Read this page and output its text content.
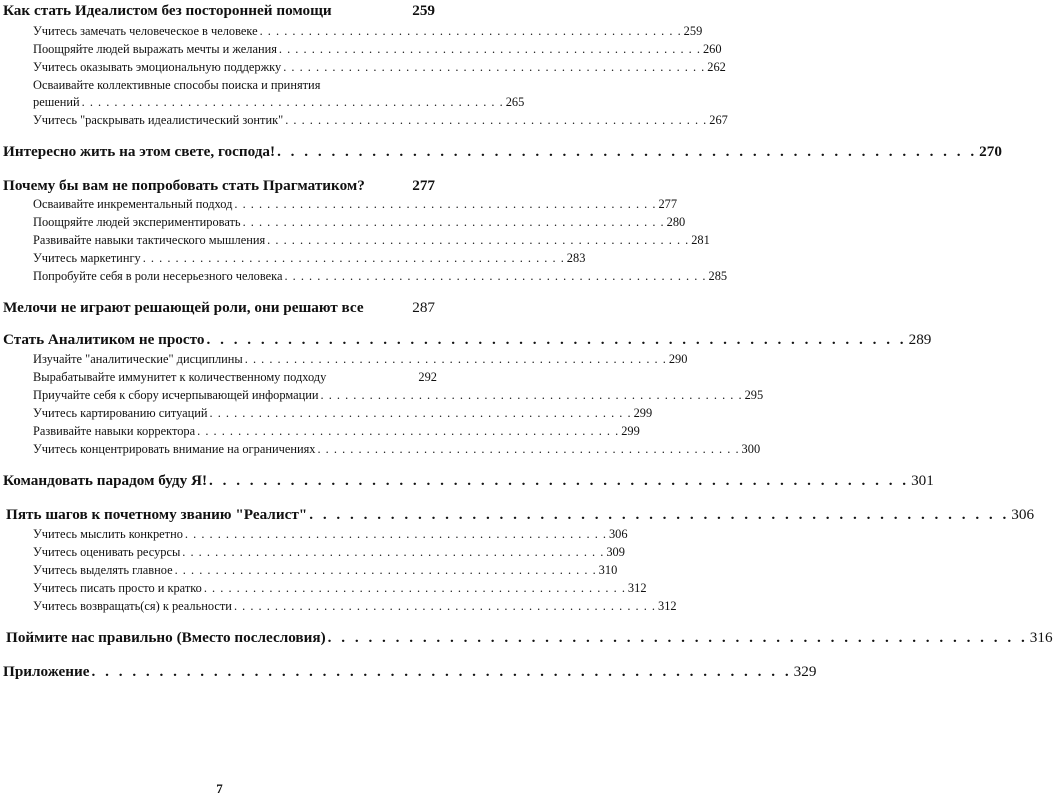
Как стать Идеалистом без посторонней помощи	259
Учитесь замечать человеческое в человеке . . . . . . . . . . . . . . . . . . . . . . . . . . . . . . . . . . . . . . . . . . . . . . . . . . . . 259
Поощряйте людей выражать мечты и желания . . . . . . . . . . . . . . . . . . . . . . . . . . . . . . . . . . . . . . . . . . . . . . . . . . . . 260
Учитесь оказывать эмоциональную поддержку . . . . . . . . . . . . . . . . . . . . . . . . . . . . . . . . . . . . . . . . . . . . . . . . . . . . 262
Осваивайте коллективные способы поиска и принятия
решений . . . . . . . . . . . . . . . . . . . . . . . . . . . . . . . . . . . . . . . . . . . . . . . . . . . . 265
Учитесь "раскрывать идеалистический зонтик" . . . . . . . . . . . . . . . . . . . . . . . . . . . . . . . . . . . . . . . . . . . . . . . . . . . . 267
Интересно жить на этом свете, господа! . . . . . . . . . . . . . . . . . . . . . . . . . . . . . . . . . . . . . . . . . . . . . . . . . . . . 270
Почему бы вам не попробовать стать Прагматиком?	277
Осваивайте инкрементальный подход . . . . . . . . . . . . . . . . . . . . . . . . . . . . . . . . . . . . . . . . . . . . . . . . . . . . 277
Поощряйте людей экспериментировать . . . . . . . . . . . . . . . . . . . . . . . . . . . . . . . . . . . . . . . . . . . . . . . . . . . . 280
Развивайте навыки тактического мышления . . . . . . . . . . . . . . . . . . . . . . . . . . . . . . . . . . . . . . . . . . . . . . . . . . . . 281
Учитесь маркетингу . . . . . . . . . . . . . . . . . . . . . . . . . . . . . . . . . . . . . . . . . . . . . . . . . . . . 283
Попробуйте себя в роли несерьезного человека . . . . . . . . . . . . . . . . . . . . . . . . . . . . . . . . . . . . . . . . . . . . . . . . . . . . 285
Мелочи не играют решающей роли, они решают все	287
Стать Аналитиком не просто . . . . . . . . . . . . . . . . . . . . . . . . . . . . . . . . . . . . . . . . . . . . . . . . . . . . 289
Изучайте "аналитические" дисциплины . . . . . . . . . . . . . . . . . . . . . . . . . . . . . . . . . . . . . . . . . . . . . . . . . . . . 290
Вырабатывайте иммунитет к количественному подходу	292
Приучайте себя к сбору исчерпывающей информации . . . . . . . . . . . . . . . . . . . . . . . . . . . . . . . . . . . . . . . . . . . . . . . . . . . . 295
Учитесь картированию ситуаций . . . . . . . . . . . . . . . . . . . . . . . . . . . . . . . . . . . . . . . . . . . . . . . . . . . . 299
Развивайте навыки корректора . . . . . . . . . . . . . . . . . . . . . . . . . . . . . . . . . . . . . . . . . . . . . . . . . . . . 299
Учитесь концентрировать внимание на ограничениях . . . . . . . . . . . . . . . . . . . . . . . . . . . . . . . . . . . . . . . . . . . . . . . . . . . . 300
Командовать парадом буду Я! . . . . . . . . . . . . . . . . . . . . . . . . . . . . . . . . . . . . . . . . . . . . . . . . . . . . 301
Пять шагов к почетному званию "Реалист" . . . . . . . . . . . . . . . . . . . . . . . . . . . . . . . . . . . . . . . . . . . . . . . . . . . . 306
Учитесь мыслить конкретно . . . . . . . . . . . . . . . . . . . . . . . . . . . . . . . . . . . . . . . . . . . . . . . . . . . . 306
Учитесь оценивать ресурсы . . . . . . . . . . . . . . . . . . . . . . . . . . . . . . . . . . . . . . . . . . . . . . . . . . . . 309
Учитесь выделять главное . . . . . . . . . . . . . . . . . . . . . . . . . . . . . . . . . . . . . . . . . . . . . . . . . . . . 310
Учитесь писать просто и кратко . . . . . . . . . . . . . . . . . . . . . . . . . . . . . . . . . . . . . . . . . . . . . . . . . . . . 312
Учитесь возвращать(ся) к реальности . . . . . . . . . . . . . . . . . . . . . . . . . . . . . . . . . . . . . . . . . . . . . . . . . . . . 312
Поймите нас правильно (Вместо послесловия) . . . . . . . . . . . . . . . . . . . . . . . . . . . . . . . . . . . . . . . . . . . . . . . . . . . . 316
Приложение . . . . . . . . . . . . . . . . . . . . . . . . . . . . . . . . . . . . . . . . . . . . . . . . . . . . 329
7
